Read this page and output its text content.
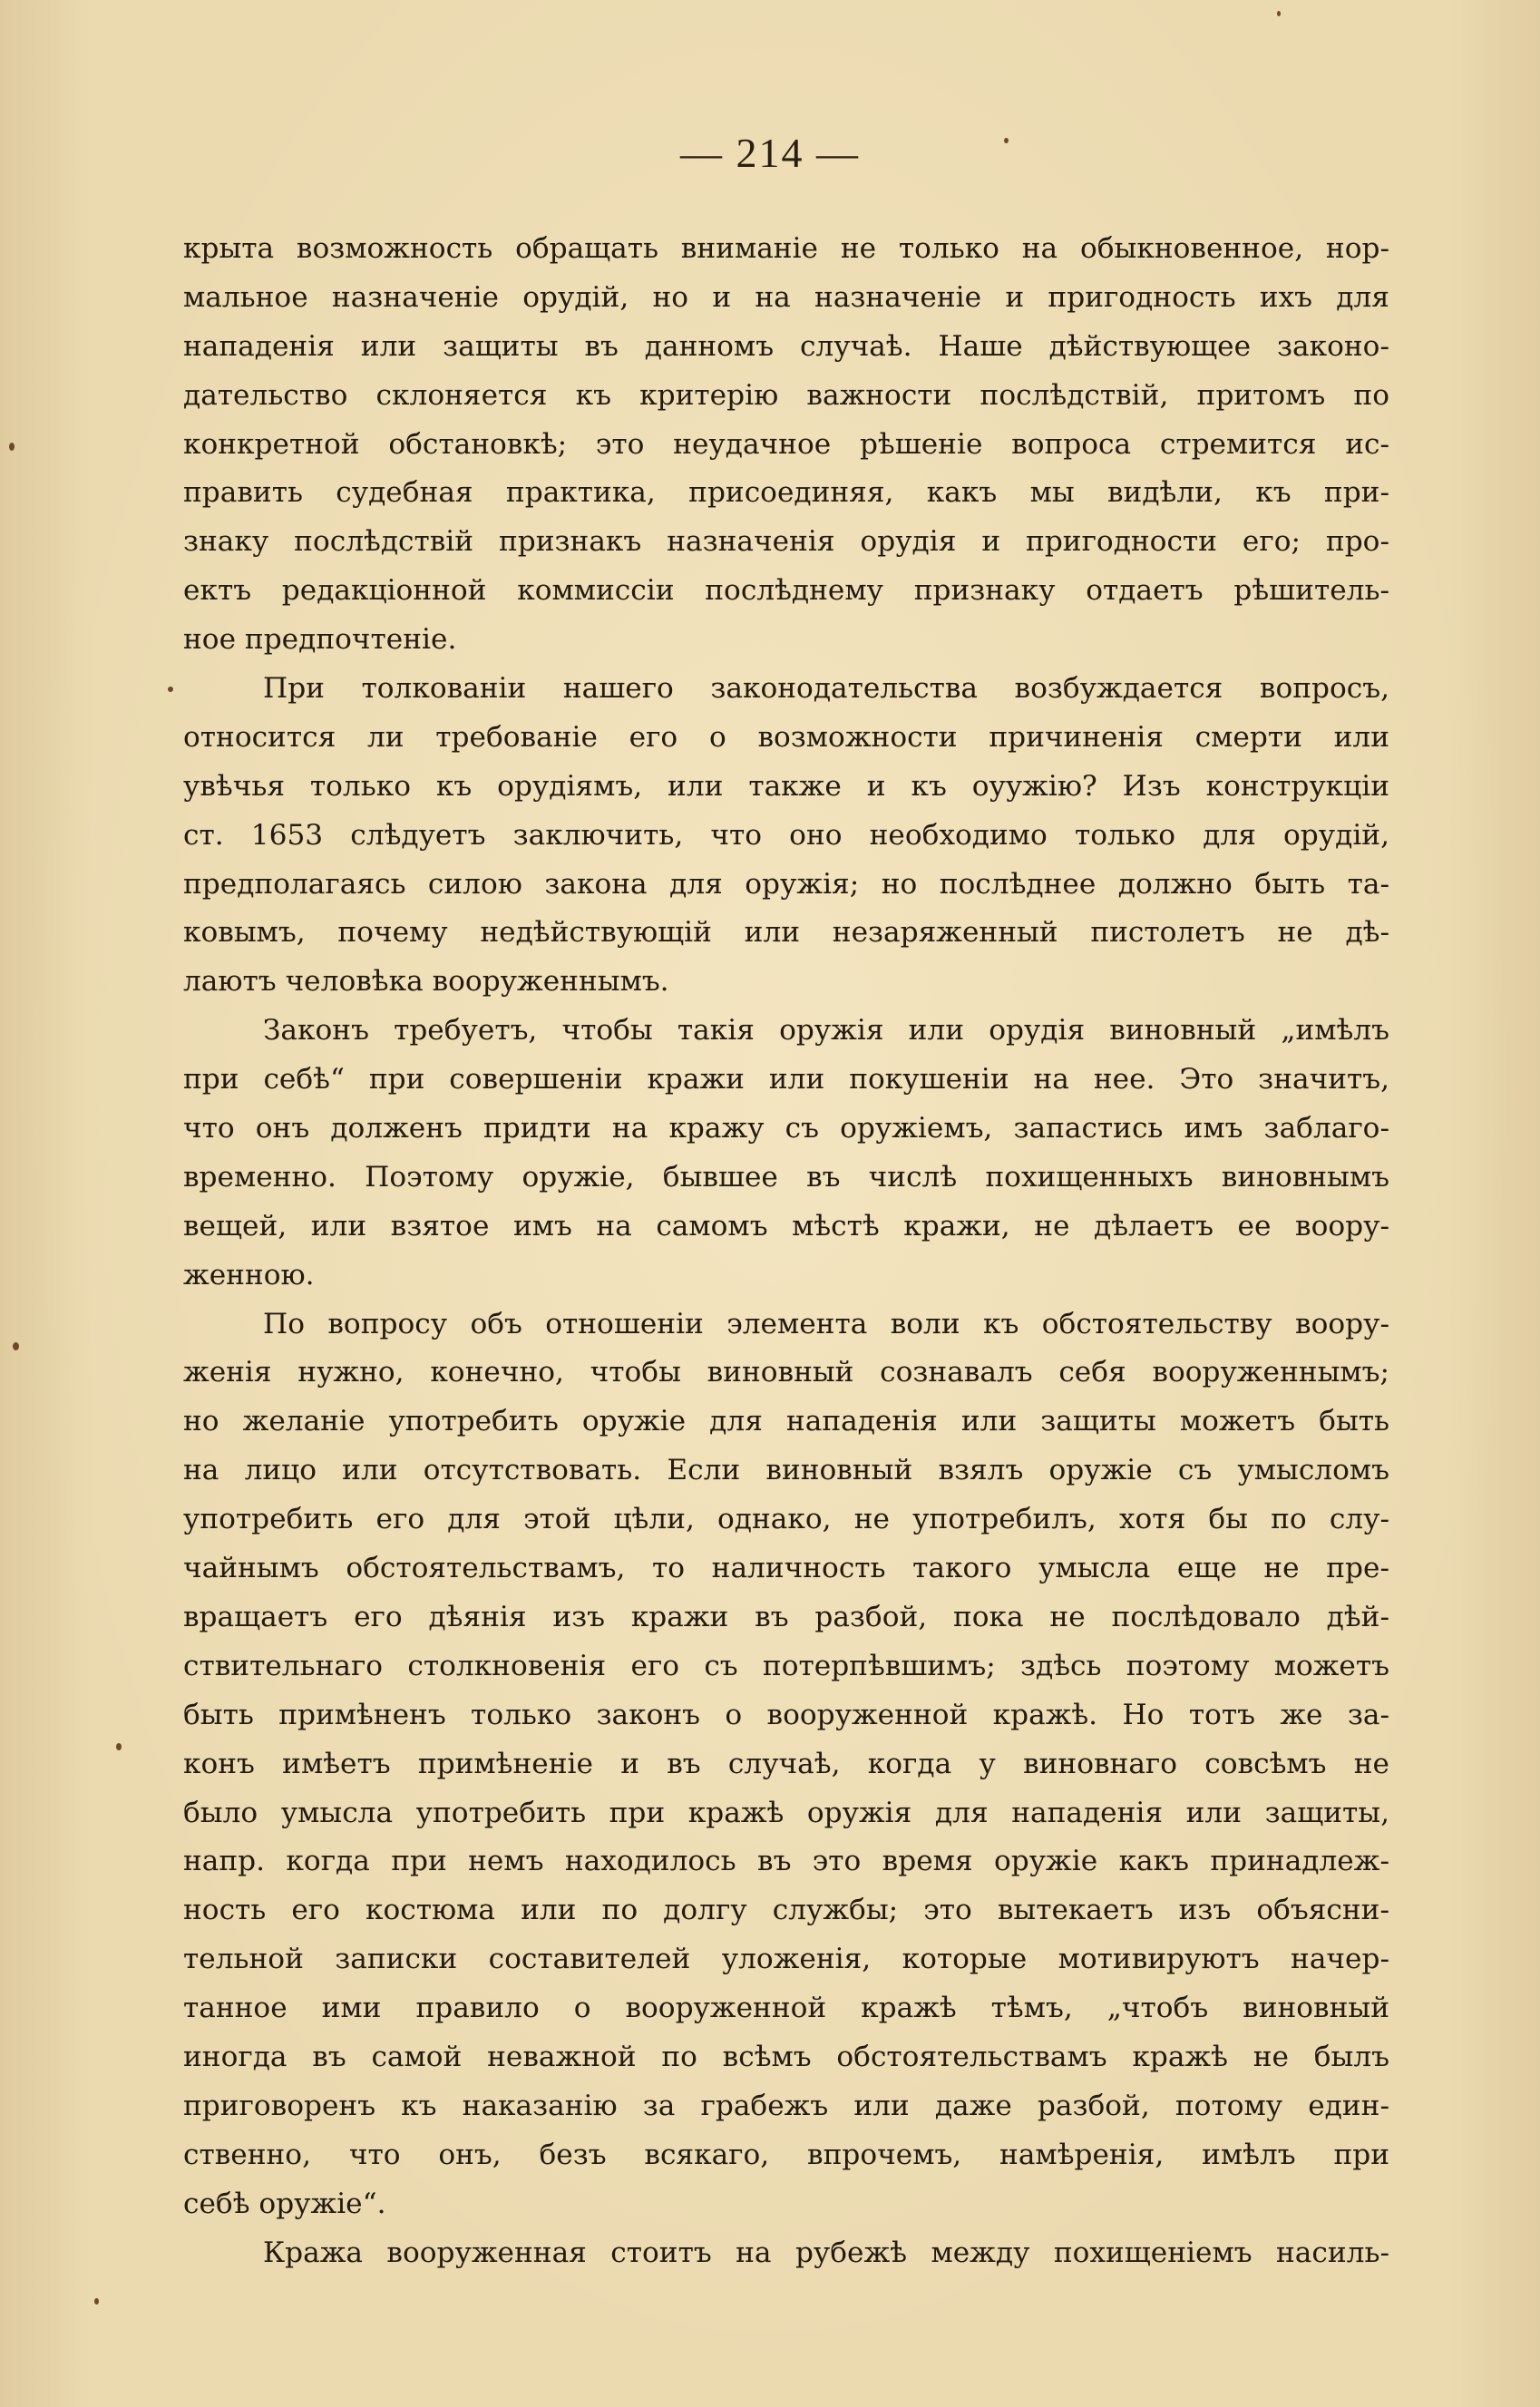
— 214 —
крыта возможность обращать вниманіе не только на обыкновенное, нор-
мальное назначеніе орудій, но и на назначеніе и пригодность ихъ для
нападенія или защиты въ данномъ случаѣ. Наше дѣйствующее законо-
дательство склоняется къ критерію важности послѣдствій, притомъ по
конкретной обстановкѣ; это неудачное рѣшеніе вопроса стремится ис-
править судебная практика, присоединяя, какъ мы видѣли, къ при-
знаку послѣдствій признакъ назначенія орудія и пригодности его; про-
ектъ редакціонной коммиссіи послѣднему признаку отдаетъ рѣшитель-
ное предпочтеніе.
При толкованіи нашего законодательства возбуждается вопросъ,
относится ли требованіе его о возможности причиненія смерти или
увѣчья только къ орудіямъ, или также и къ оуужію? Изъ конструкціи
ст. 1653 слѣдуетъ заключить, что оно необходимо только для орудій,
предполагаясь силою закона для оружія; но послѣднее должно быть та-
ковымъ, почему недѣйствующій или незаряженный пистолетъ не дѣ-
лаютъ человѣка вооруженнымъ.
Законъ требуетъ, чтобы такія оружія или орудія виновный „имѣлъ
при себѣ“ при совершеніи кражи или покушеніи на нее. Это значитъ,
что онъ долженъ придти на кражу съ оружіемъ, запастись имъ заблаго-
временно. Поэтому оружіе, бывшее въ числѣ похищенныхъ виновнымъ
вещей, или взятое имъ на самомъ мѣстѣ кражи, не дѣлаетъ ее воору-
женною.
По вопросу объ отношеніи элемента воли къ обстоятельству воору-
женія нужно, конечно, чтобы виновный сознавалъ себя вооруженнымъ;
но желаніе употребить оружіе для нападенія или защиты можетъ быть
на лицо или отсутствовать. Если виновный взялъ оружіе съ умысломъ
употребить его для этой цѣли, однако, не употребилъ, хотя бы по слу-
чайнымъ обстоятельствамъ, то наличность такого умысла еще не пре-
вращаетъ его дѣянія изъ кражи въ разбой, пока не послѣдовало дѣй-
ствительнаго столкновенія его съ потерпѣвшимъ; здѣсь поэтому можетъ
быть примѣненъ только законъ о вооруженной кражѣ. Но тотъ же за-
конъ имѣетъ примѣненіе и въ случаѣ, когда у виновнаго совсѣмъ не
было умысла употребить при кражѣ оружія для нападенія или защиты,
напр. когда при немъ находилось въ это время оружіе какъ принадлеж-
ность его костюма или по долгу службы; это вытекаетъ изъ объясни-
тельной записки составителей уложенія, которые мотивируютъ начер-
танное ими правило о вооруженной кражѣ тѣмъ, „чтобъ виновный
иногда въ самой неважной по всѣмъ обстоятельствамъ кражѣ не былъ
приговоренъ къ наказанію за грабежъ или даже разбой, потому един-
ственно, что онъ, безъ всякаго, впрочемъ, намѣренія, имѣлъ при
себѣ оружіе“.
Кража вооруженная стоитъ на рубежѣ между похищеніемъ насиль-
